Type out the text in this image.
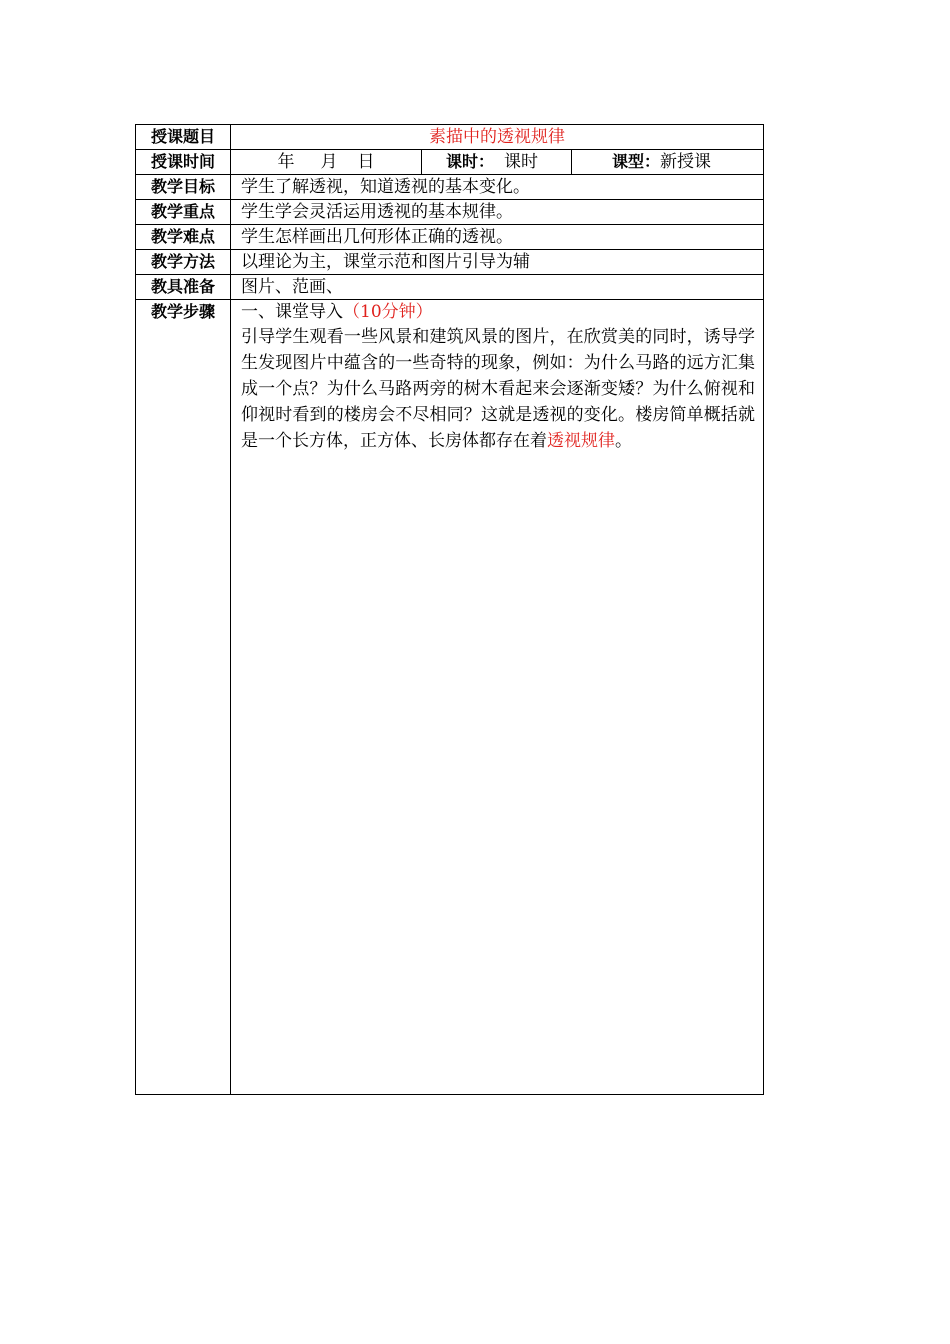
授课题目	素描中的透视规律		
授课时间	年 月 日	课时： 课时	课型：新授课
教学目标	学生了解透视，知道透视的基本变化。		
教学重点	学生学会灵活运用透视的基本规律。		
教学难点	学生怎样画出几何形体正确的透视。		
教学方法	以理论为主，课堂示范和图片引导为辅		
教具准备	图片、范画、		
教学步骤	一、课堂导入（10分钟）
引导学生观看一些风景和建筑风景的图片，在欣赏美的同时，诱导学生发现图片中蕴含的一些奇特的现象，例如：为什么马路的远方汇集成一个点？为什么马路两旁的树木看起来会逐渐变矮？为什么俯视和仰视时看到的楼房会不尽相同？这就是透视的变化。楼房简单概括就是一个长方体，正方体、长房体都存在着透视规律。		
